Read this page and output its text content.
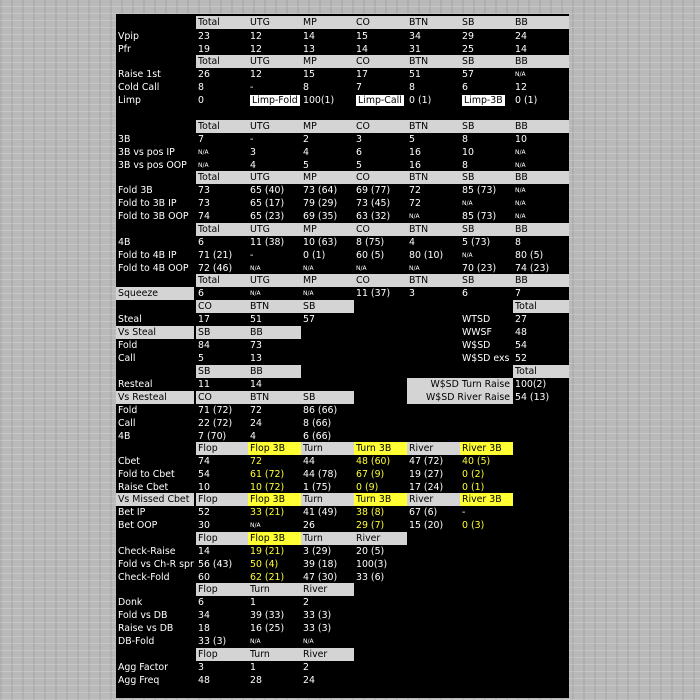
Total	UTG	MP	CO	BTN	SB	BB
Vpip	23	12	14	15	34	29	24
Pfr	19	12	13	14	31	25	14
Total	UTG	MP	CO	BTN	SB	BB
Raise 1st	26	12	15	17	51	57	N/A
Cold Call	8	-	8	7	8	6	12
Limp	0	Limp-Fold 100(1)	Limp-Call 0 (1)	Limp-3B	0 (1)
Total	UTG	MP	CO	BTN	SB	BB
3B	7	-	2	3	5	8	10
3B vs pos IP	N/A	3	4	6	16	10	N/A
3B vs pos OOP	N/A	4	5	5	16	8	N/A
Total	UTG	MP	CO	BTN	SB	BB
Fold 3B	73	65 (40)	73 (64)	69 (77)	72	85 (73)	N/A
Fold to 3B IP	73	65 (17)	79 (29)	73 (45)	72	N/A	N/A
Fold to 3B OOP	74	65 (23)	69 (35)	63 (32)	N/A	85 (73)	N/A
Total	UTG	MP	CO	BTN	SB	BB
4B	6	11 (38)	10 (63)	8 (75)	4	5 (73)	8
Fold to 4B IP	71 (21)	-	0 (1)	60 (5)	80 (10)	N/A	80 (5)
Fold to 4B OOP	72 (46)	N/A	N/A	N/A	N/A	70 (23)	74 (23)
Total	UTG	MP	CO	BTN	SB	BB
Squeeze	6	N/A	N/A	11 (37)	3	6	7
CO	BTN	SB	Total
Steal	17	51	57	WTSD	27
Vs Steal	SB	BB	WWSF	48
Fold	84	73	W$SD	54
Call	5	13	W$SD exs 52
SB	BB	Total
Resteal	11	14	W$SD Turn Raise 100(2)
Vs Resteal	CO	BTN	SB	W$SD River Raise 54 (13)
Fold	71 (72)	72	86 (66)
Call	22 (72)	24	8 (66)
4B	7 (70)	4	6 (66)
Flop	Flop 3B	Turn	Turn 3B	River	River 3B
Cbet	74	72	44	48 (60)	47 (72)	40 (5)
Fold to Cbet	54	61 (72)	44 (78)	67 (9)	19 (27)	0 (2)
Raise Cbet	10	10 (72)	1 (75)	0 (9)	17 (24)	0 (1)
Vs Missed Cbet Flop	Flop 3B	Turn	Turn 3B	River	River 3B
Bet IP	52	33 (21)	41 (49)	38 (8)	67 (6)	-
Bet OOP	30	N/A	26	29 (7)	15 (20)	0 (3)
Flop	Flop 3B	Turn	River
Check-Raise	14	19 (21)	3 (29)	20 (5)
Fold vs Ch-R spr 56 (43)	50 (4)	39 (18)	100(3)
Check-Fold	60	62 (21)	47 (30)	33 (6)
Flop	Turn	River
Donk	6	1	2
Fold vs DB	34	39 (33)	33 (3)
Raise vs DB	18	16 (25)	33 (3)
DB-Fold	33 (3)	N/A	N/A
Flop	Turn	River
Agg Factor	3	1	2
Agg Freq	48	28	24
